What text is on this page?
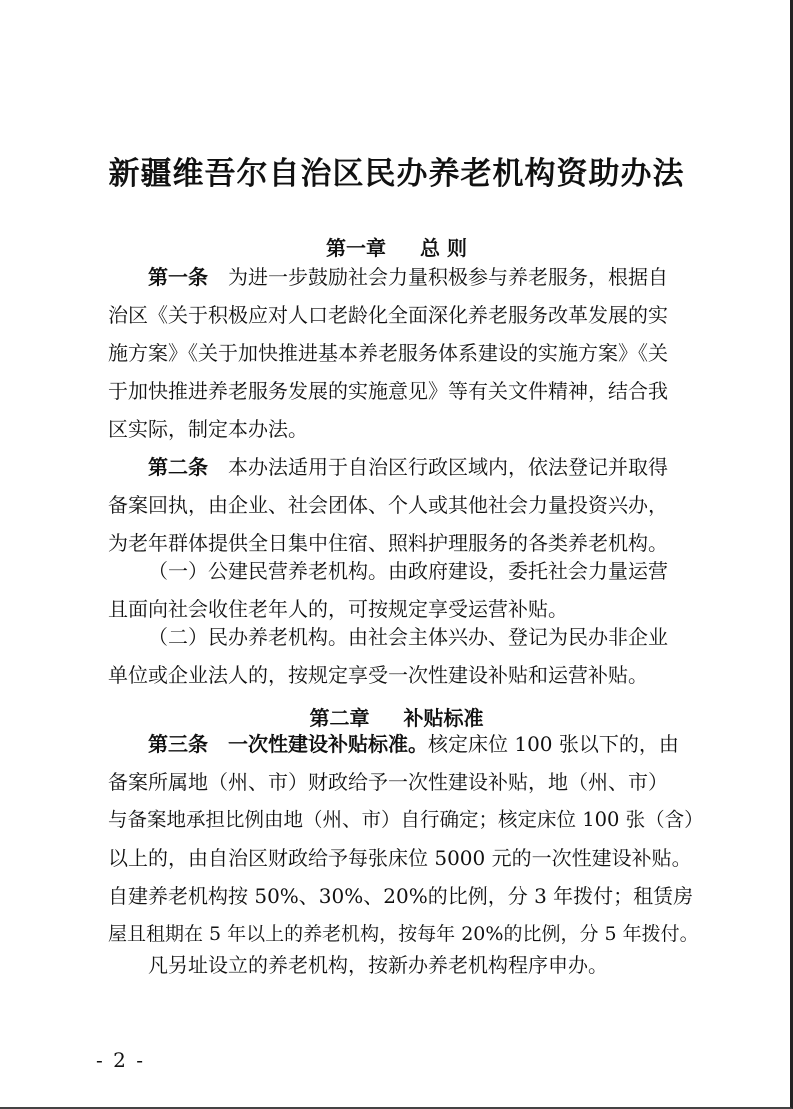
新疆维吾尔自治区民办养老机构资助办法
第一章 总 则
第一条  为进一步鼓励社会力量积极参与养老服务，根据自
治区《关于积极应对人口老龄化全面深化养老服务改革发展的实
施方案》《关于加快推进基本养老服务体系建设的实施方案》《关
于加快推进养老服务发展的实施意见》等有关文件精神，结合我
区实际，制定本办法。
第二条  本办法适用于自治区行政区域内，依法登记并取得
备案回执，由企业、社会团体、个人或其他社会力量投资兴办，
为老年群体提供全日集中住宿、照料护理服务的各类养老机构。
（一）公建民营养老机构。由政府建设，委托社会力量运营
且面向社会收住老年人的，可按规定享受运营补贴。
（二）民办养老机构。由社会主体兴办、登记为民办非企业
单位或企业法人的，按规定享受一次性建设补贴和运营补贴。
第二章 补贴标准
第三条  一次性建设补贴标准。核定床位 100 张以下的，由
备案所属地（州、市）财政给予一次性建设补贴，地（州、市）
与备案地承担比例由地（州、市）自行确定；核定床位 100 张（含）
以上的，由自治区财政给予每张床位 5000 元的一次性建设补贴。
自建养老机构按 50%、30%、20%的比例，分 3 年拨付；租赁房
屋且租期在 5 年以上的养老机构，按每年 20%的比例，分 5 年拨付。
凡另址设立的养老机构，按新办养老机构程序申办。
- 2 -
